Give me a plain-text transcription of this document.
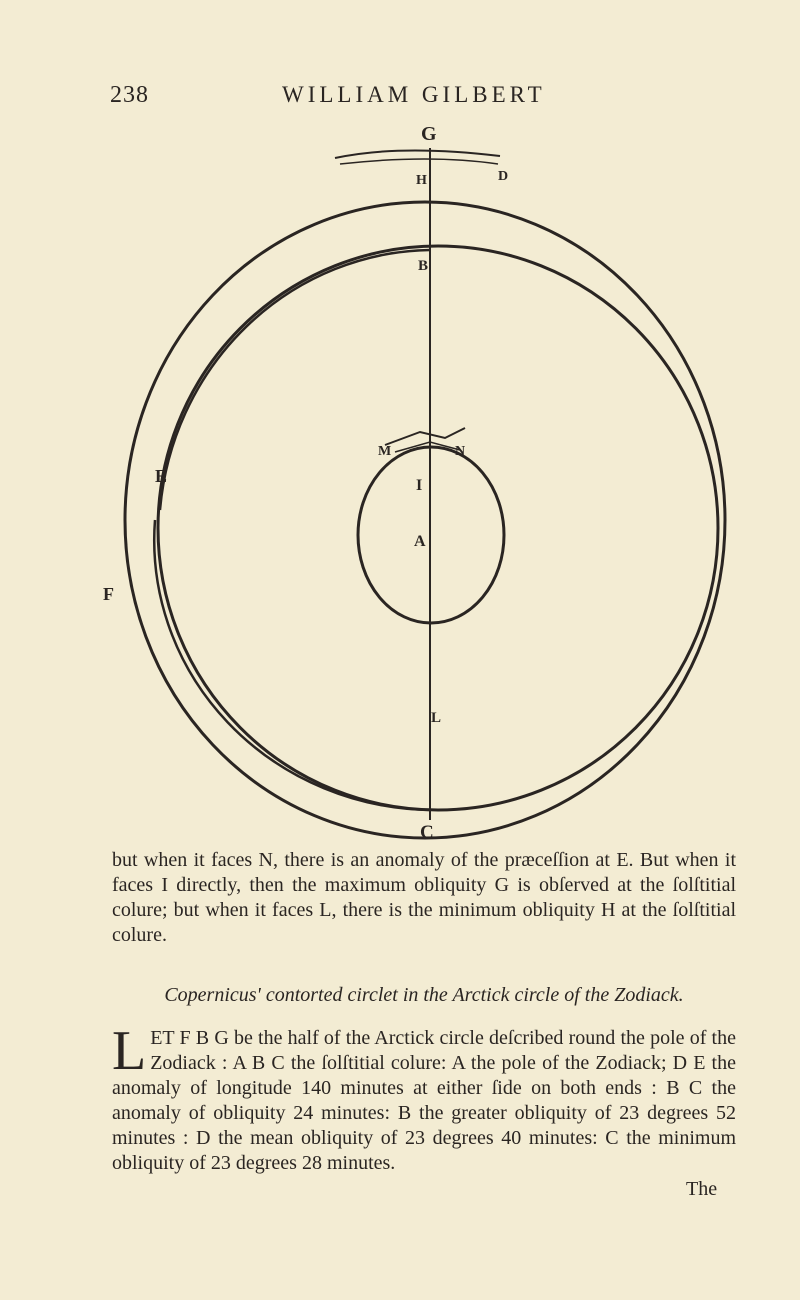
238	WILLIAM GILBERT
G
H	D
B
E
F
M	N
I
A
L
C
but when it faces N, there is an anomaly of the præceſſion at E. But when it faces I directly, then the maximum obliquity G is obſerved at the ſolſtitial colure; but when it faces L, there is the minimum obliquity H at the ſolſtitial colure.
Copernicus' contorted circlet in the Arctick circle of the Zodiack.
L ET F B G be the half of the Arctick circle deſcribed round the pole of the Zodiack : A B C the ſolſtitial colure: A the pole of the Zodiack; D E the anomaly of longitude 140 minutes at either ſide on both ends : B C the anomaly of obliquity 24 minutes: B the greater obliquity of 23 degrees 52 minutes : D the mean obliquity of 23 degrees 40 minutes: C the minimum obliquity of 23 degrees 28 minutes.
The
